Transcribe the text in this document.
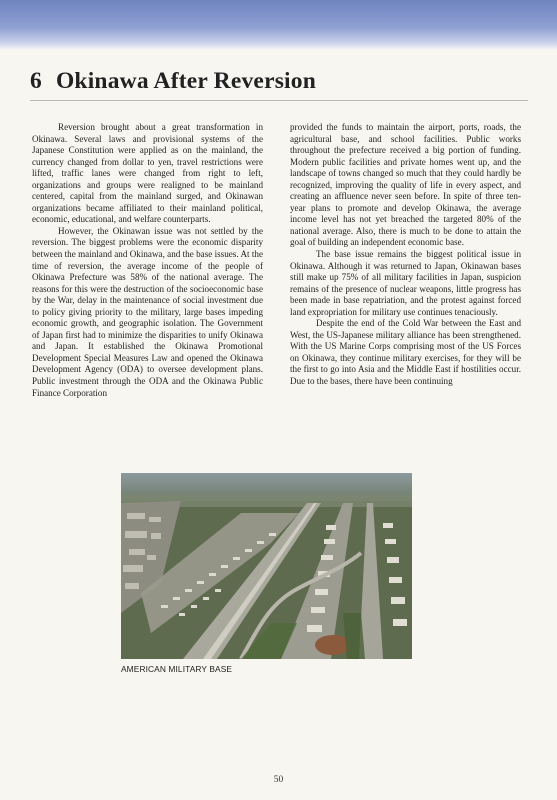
6 Okinawa After Reversion

Reversion brought about a great transformation in Okinawa. Several laws and provisional systems of the Japanese Constitution were applied as on the mainland, the currency changed from dollar to yen, travel restrictions were lifted, traffic lanes were changed from right to left, organizations and groups were realigned to be mainland centered, capital from the mainland surged, and Okinawan organizations became affiliated to their mainland political, economic, educational, and welfare counterparts.

However, the Okinawan issue was not settled by the reversion. The biggest problems were the economic disparity between the mainland and Okinawa, and the base issues. At the time of reversion, the average income of the people of Okinawa Prefecture was 58% of the national average. The reasons for this were the destruction of the socioeconomic base by the War, delay in the maintenance of social investment due to policy giving priority to the military, large bases impeding economic growth, and geographic isolation. The Government of Japan first had to minimize the disparities to unify Okinawa and Japan. It established the Okinawa Promotional Development Special Measures Law and opened the Okinawa Development Agency (ODA) to oversee development plans. Public investment through the ODA and the Okinawa Public Finance Corporation

provided the funds to maintain the airport, ports, roads, the agricultural base, and school facilities. Public works throughout the prefecture received a big portion of funding. Modern public facilities and private homes went up, and the landscape of towns changed so much that they could hardly be recognized, improving the quality of life in every aspect, and creating an affluence never seen before. In spite of three ten-year plans to promote and develop Okinawa, the average income level has not yet breached the targeted 80% of the national average. Also, there is much to be done to attain the goal of building an independent economic base.

The base issue remains the biggest political issue in Okinawa. Although it was returned to Japan, Okinawan bases still make up 75% of all military facilities in Japan, suspicion remains of the presence of nuclear weapons, little progress has been made in base repatriation, and the protest against forced land expropriation for military use continues tenaciously.

Despite the end of the Cold War between the East and West, the US-Japanese military alliance has been strengthened. With the US Marine Corps comprising most of the US Forces on Okinawa, they continue military exercises, for they will be the first to go into Asia and the Middle East if hostilities occur. Due to the bases, there have been continuing

AMERICAN MILITARY BASE
50
